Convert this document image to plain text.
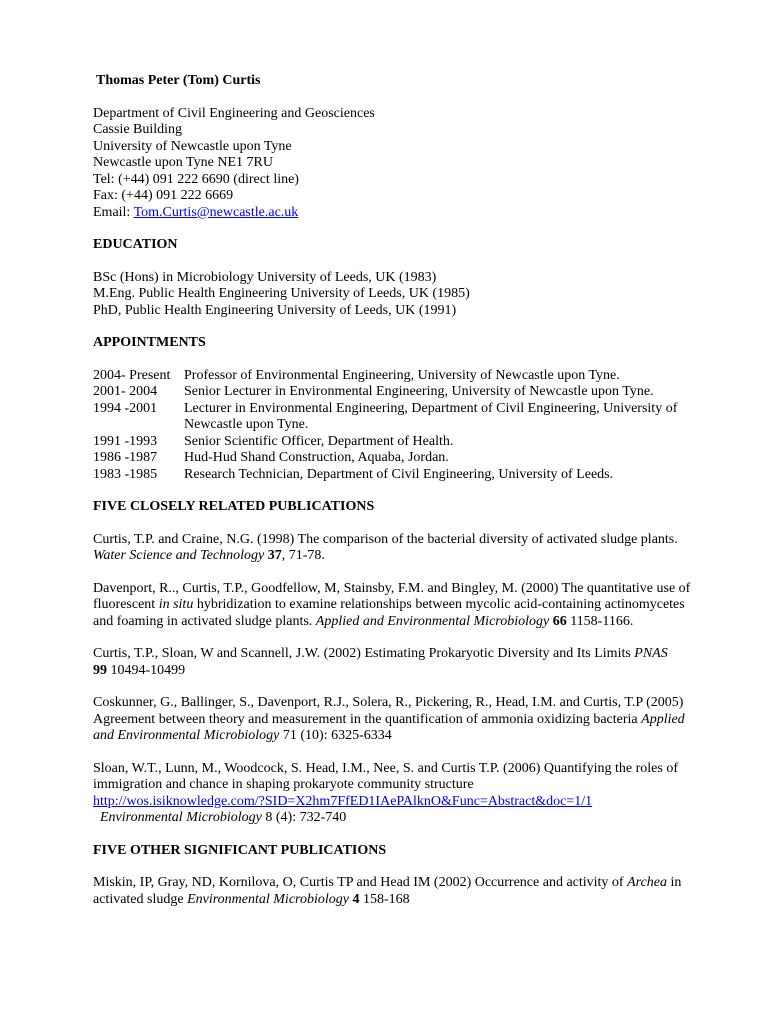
Thomas Peter (Tom) Curtis
Department of Civil Engineering and Geosciences
Cassie Building
University of Newcastle upon Tyne
Newcastle upon Tyne NE1 7RU
Tel: (+44) 091 222 6690 (direct line)
Fax: (+44) 091 222 6669
Email: Tom.Curtis@newcastle.ac.uk
EDUCATION
BSc (Hons) in Microbiology University of Leeds, UK (1983)
M.Eng. Public Health Engineering University of Leeds, UK (1985)
PhD, Public Health Engineering University of Leeds, UK (1991)
APPOINTMENTS
2004- Present Professor of Environmental Engineering, University of Newcastle upon Tyne.
2001- 2004	Senior Lecturer in Environmental Engineering, University of Newcastle upon Tyne.
1994 -2001	Lecturer in Environmental Engineering, Department of Civil Engineering, University of Newcastle upon Tyne.
1991 -1993	Senior Scientific Officer, Department of Health.
1986 -1987	Hud-Hud Shand Construction, Aquaba, Jordan.
1983 -1985	Research Technician, Department of Civil Engineering, University of Leeds.
FIVE CLOSELY RELATED PUBLICATIONS
Curtis, T.P. and Craine, N.G. (1998) The comparison of the bacterial diversity of activated sludge plants.
Water Science and Technology 37, 71-78.
Davenport, R.., Curtis, T.P., Goodfellow, M, Stainsby, F.M. and Bingley, M. (2000) The quantitative use of fluorescent in situ hybridization to examine relationships between mycolic acid-containing actinomycetes and foaming in activated sludge plants. Applied and Environmental Microbiology 66 1158-1166.
Curtis, T.P., Sloan, W and Scannell, J.W. (2002) Estimating Prokaryotic Diversity and Its Limits PNAS
99 10494-10499
Coskunner, G., Ballinger, S., Davenport, R.J., Solera, R., Pickering, R., Head, I.M. and Curtis, T.P (2005) Agreement between theory and measurement in the quantification of ammonia oxidizing bacteria Applied and Environmental Microbiology 71 (10): 6325-6334
Sloan, W.T., Lunn, M., Woodcock, S. Head, I.M., Nee, S. and Curtis T.P. (2006) Quantifying the roles of immigration and chance in shaping prokaryote community structure
http://wos.isiknowledge.com/?SID=X2hm7FfED1IAePAlknO&Func=Abstract&doc=1/1
Environmental Microbiology 8 (4): 732-740
FIVE OTHER SIGNIFICANT PUBLICATIONS
Miskin, IP, Gray, ND, Kornilova, O, Curtis TP and Head IM (2002) Occurrence and activity of Archea in activated sludge Environmental Microbiology 4 158-168
